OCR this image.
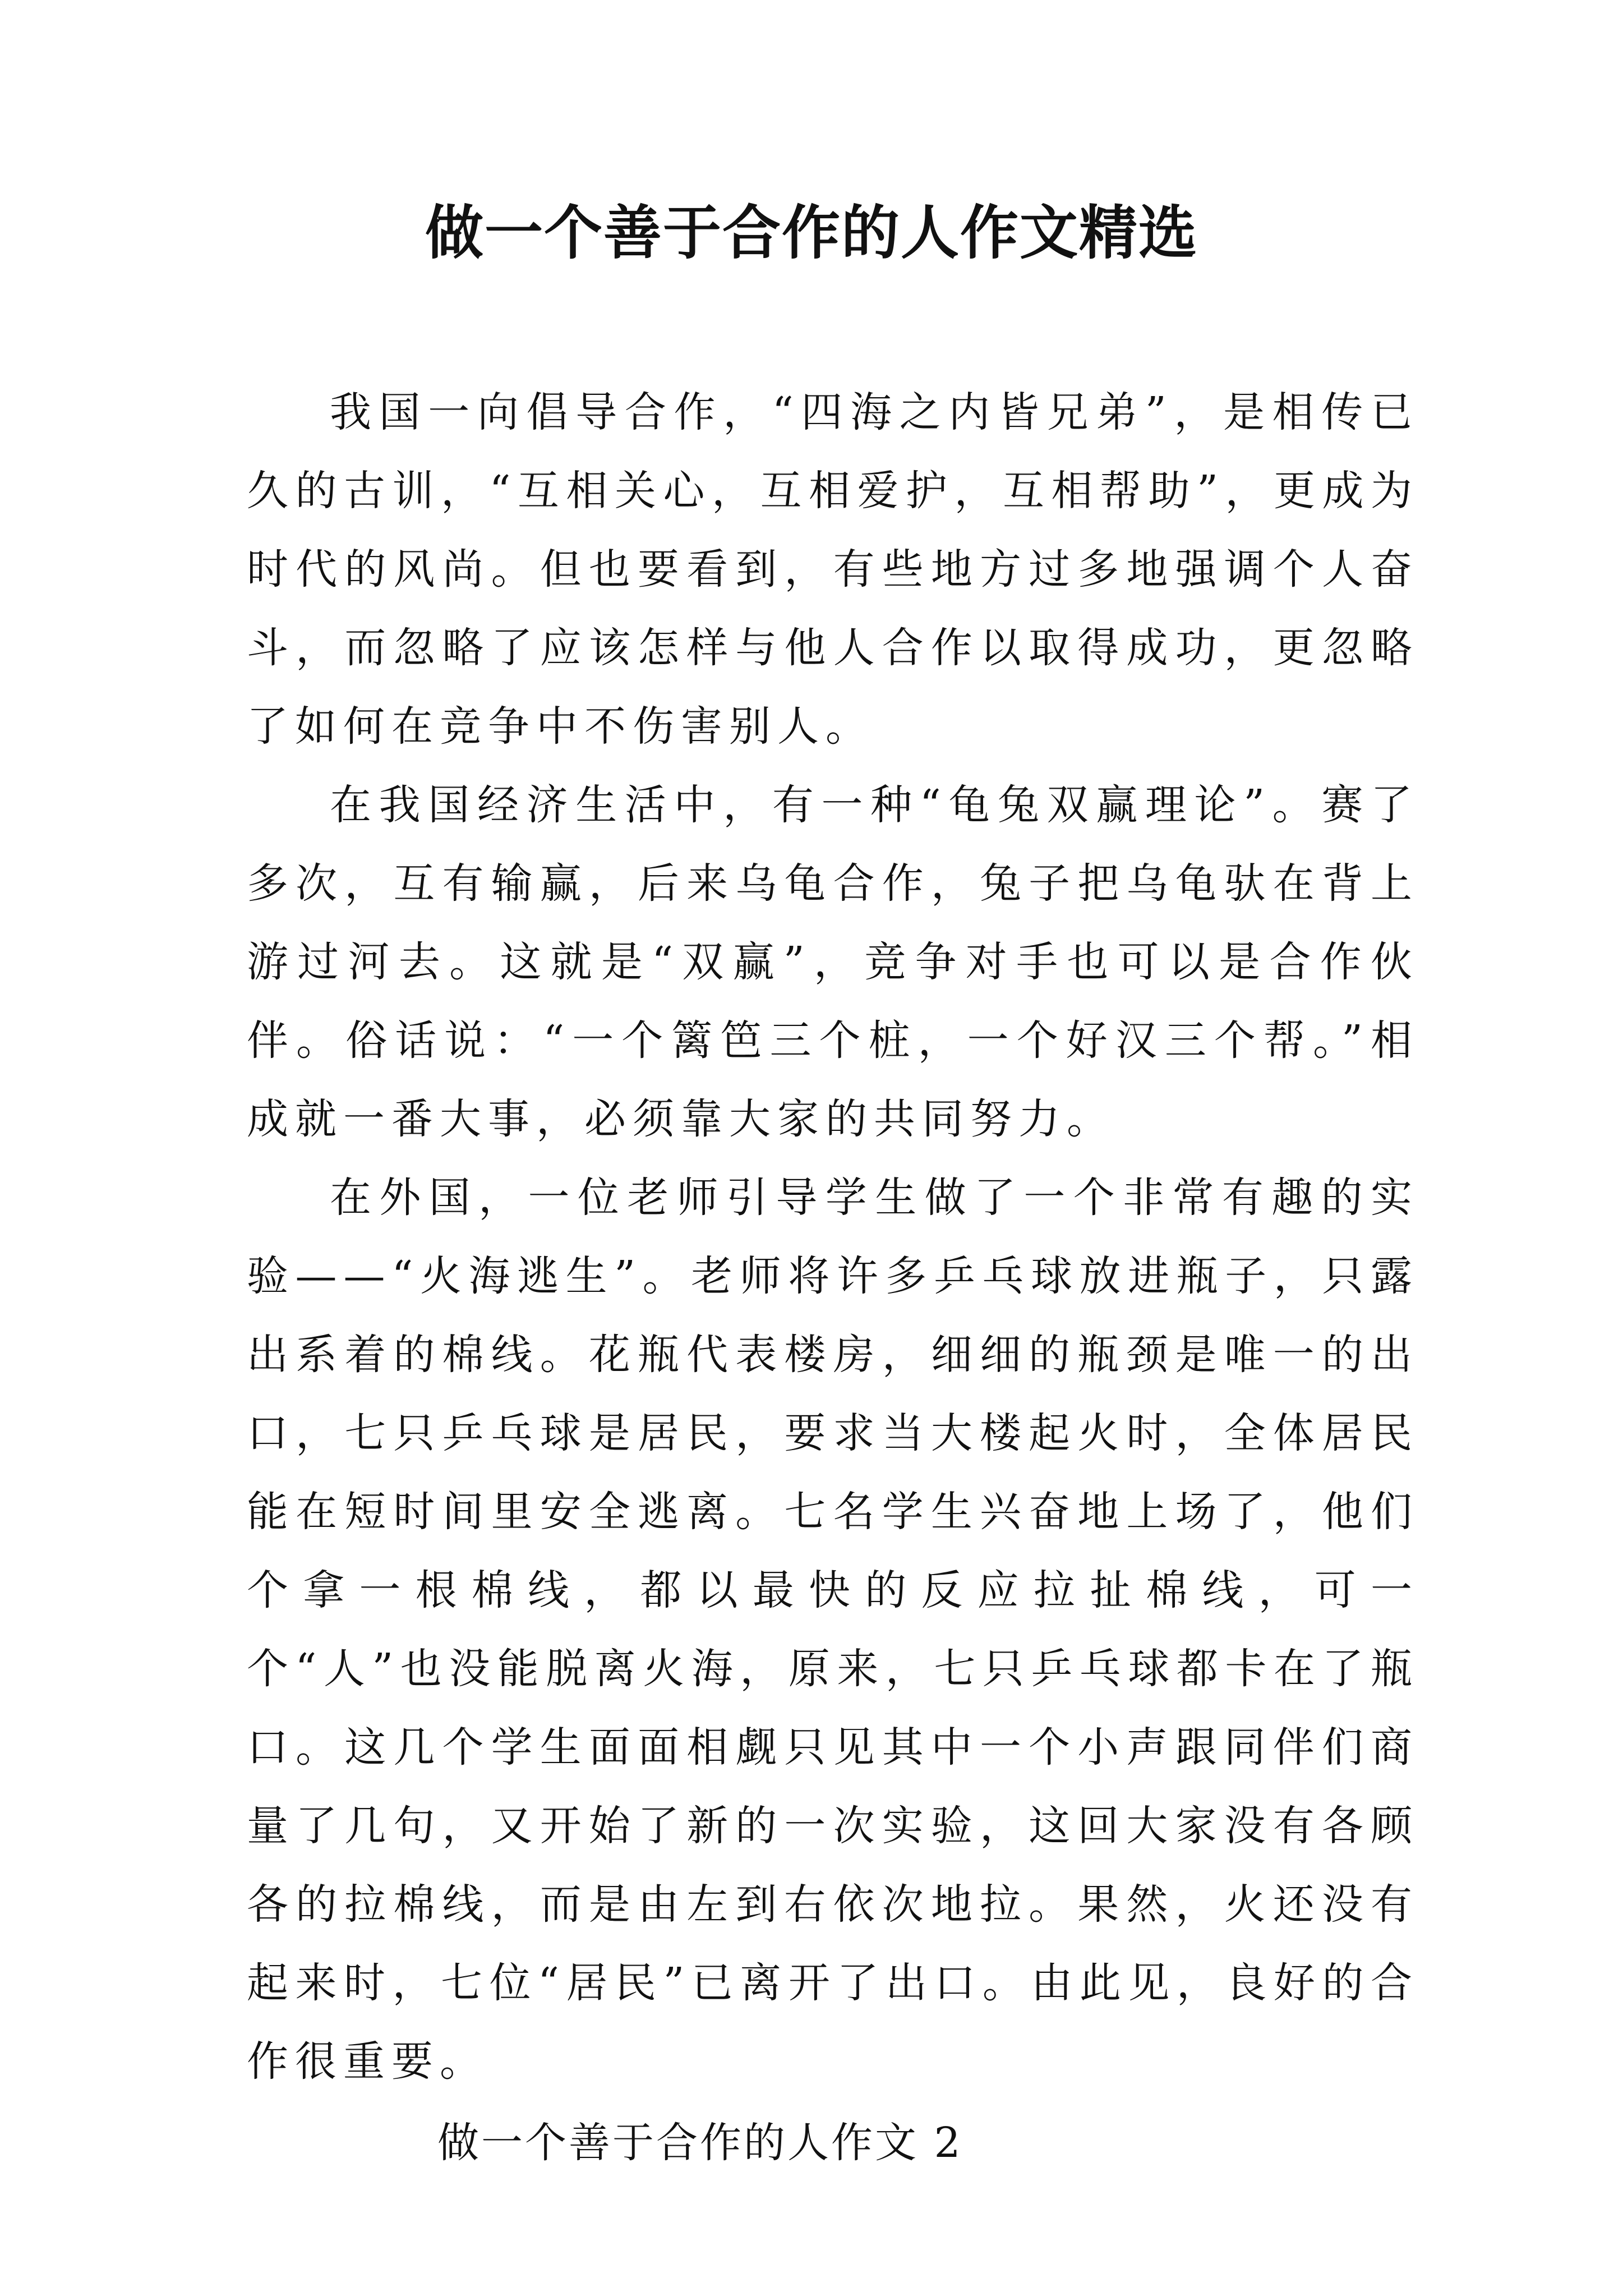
做一个善于合作的人作文精选

我国一向倡导合作，“四海之内皆兄弟”，是相传已久的古训，“互相关心，互相爱护，互相帮助”，更成为时代的风尚。但也要看到，有些地方过多地强调个人奋斗，而忽略了应该怎样与他人合作以取得成功，更忽略了如何在竞争中不伤害别人。

在我国经济生活中，有一种“龟兔双赢理论”。赛了多次，互有输赢，后来乌龟合作，兔子把乌龟驮在背上游过河去。这就是“双赢”，竞争对手也可以是合作伙伴。俗话说：“一个篱笆三个桩，一个好汉三个帮。”相成就一番大事，必须靠大家的共同努力。

在外国，一位老师引导学生做了一个非常有趣的实验——“火海逃生”。老师将许多乒乓球放进瓶子，只露出系着的棉线。花瓶代表楼房，细细的瓶颈是唯一的出口，七只乒乓球是居民，要求当大楼起火时，全体居民能在短时间里安全逃离。七名学生兴奋地上场了，他们个拿一根棉线，都以最快的反应拉扯棉线，可一个“人”也没能脱离火海，原来，七只乒乓球都卡在了瓶口。这几个学生面面相觑只见其中一个小声跟同伴们商量了几句，又开始了新的一次实验，这回大家没有各顾各的拉棉线，而是由左到右依次地拉。果然，火还没有起来时，七位“居民”已离开了出口。由此见，良好的合作很重要。

做一个善于合作的人作文 2
